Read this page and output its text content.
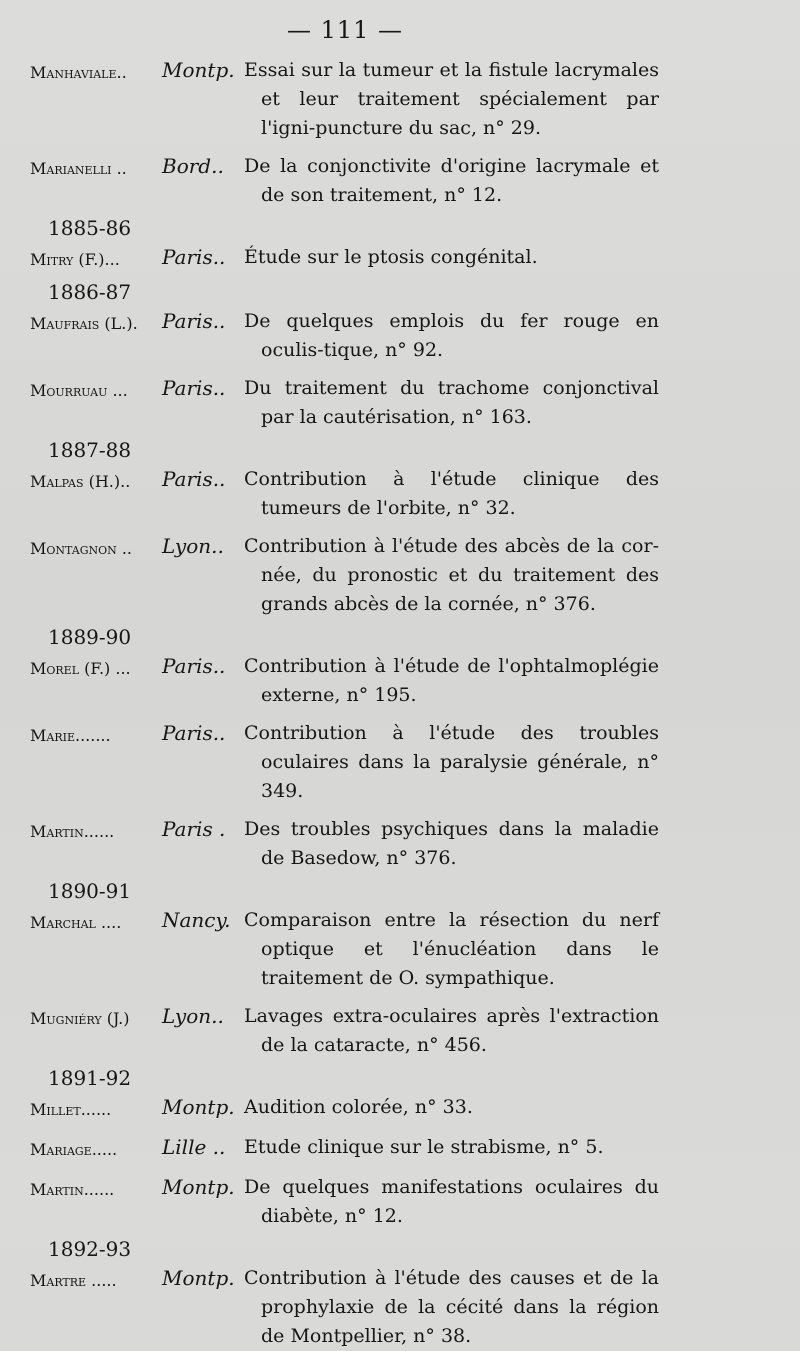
— 111 —
Manhaviale..	Montp. Essai sur la tumeur et la fistule lacrymales et leur traitement spécialement par l'igni-puncture du sac, n° 29.
Marianelli ..	Bord..	De la conjonctivite d'origine lacrymale et de son traitement, n° 12.
1885-86
Mitry (F.)...	Paris.. Étude sur le ptosis congénital.
1886-87
Maufrais (L.).	Paris.. De quelques emplois du fer rouge en oculis-tique, n° 92.
Mourruau ...	Paris.. Du traitement du trachome conjonctival par la cautérisation, n° 163.
1887-88
Malpas (H.)..	Paris.. Contribution à l'étude clinique des tumeurs de l'orbite, n° 32.
Montagnon ..	Lyon..	Contribution à l'étude des abcès de la cor-née, du pronostic et du traitement des grands abcès de la cornée, n° 376.
1889-90
Morel (F.) ...	Paris.. Contribution à l'étude de l'ophtalmoplégie externe, n° 195.
Marie.......	Paris.. Contribution à l'étude des troubles oculaires dans la paralysie générale, n° 349.
Martin......	Paris . Des troubles psychiques dans la maladie de Basedow, n° 376.
1890-91
Marchal ....	Nancy. Comparaison entre la résection du nerf optique et l'énucléation dans le traitement de O. sympathique.
Mugniéry (J.)	Lyon..	Lavages extra-oculaires après l'extraction de la cataracte, n° 456.
1891-92
Millet......	Montp. Audition colorée, n° 33.
Mariage.....	Lille .. Etude clinique sur le strabisme, n° 5.
Martin......	Montp. De quelques manifestations oculaires du diabète, n° 12.
1892-93
Martre .....	Montp. Contribution à l'étude des causes et de la prophylaxie de la cécité dans la région de Montpellier, n° 38.
